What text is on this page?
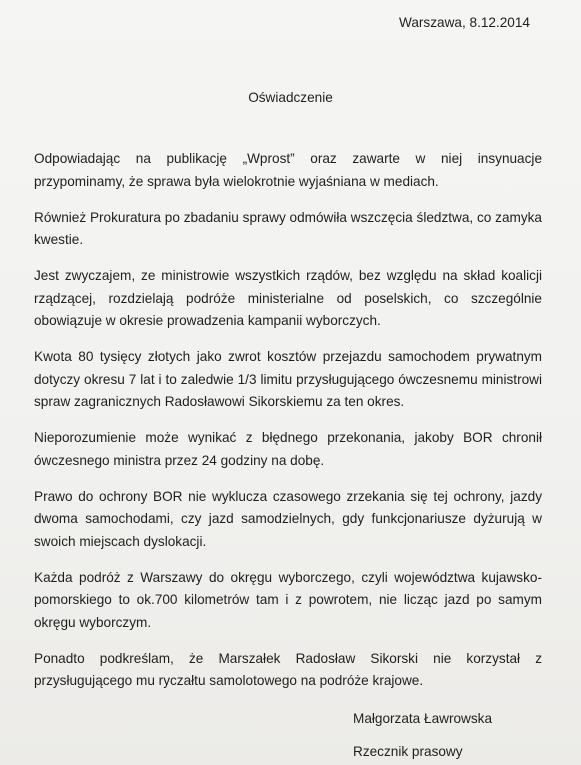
Warszawa, 8.12.2014
Oświadczenie

Odpowiadając na publikację „Wprost” oraz zawarte w niej insynuacje przypominamy, że sprawa była wielokrotnie wyjaśniana w mediach.

Również Prokuratura po zbadaniu sprawy odmówiła wszczęcia śledztwa, co zamyka kwestie.

Jest zwyczajem, ze ministrowie wszystkich rządów, bez względu na skład koalicji rządzącej, rozdzielają podróże ministerialne od poselskich, co szczególnie obowiązuje w okresie prowadzenia kampanii wyborczych.

Kwota 80 tysięcy złotych jako zwrot kosztów przejazdu samochodem prywatnym dotyczy okresu 7 lat i to zaledwie 1/3 limitu przysługującego ówczesnemu ministrowi spraw zagranicznych Radosławowi Sikorskiemu za ten okres.

Nieporozumienie może wynikać z błędnego przekonania, jakoby BOR chronił ówczesnego ministra przez 24 godziny na dobę.

Prawo do ochrony BOR nie wyklucza czasowego zrzekania się tej ochrony, jazdy dwoma samochodami, czy jazd samodzielnych, gdy funkcjonariusze dyżurują w swoich miejscach dyslokacji.

Każda podróż z Warszawy do okręgu wyborczego, czyli województwa kujawsko-pomorskiego to ok.700 kilometrów tam i z powrotem, nie licząc jazd po samym okręgu wyborczym.

Ponadto podkreślam, że Marszałek Radosław Sikorski nie korzystał z przysługującego mu ryczałtu samolotowego na podróże krajowe.

Małgorzata Ławrowska
Rzecznik prasowy
